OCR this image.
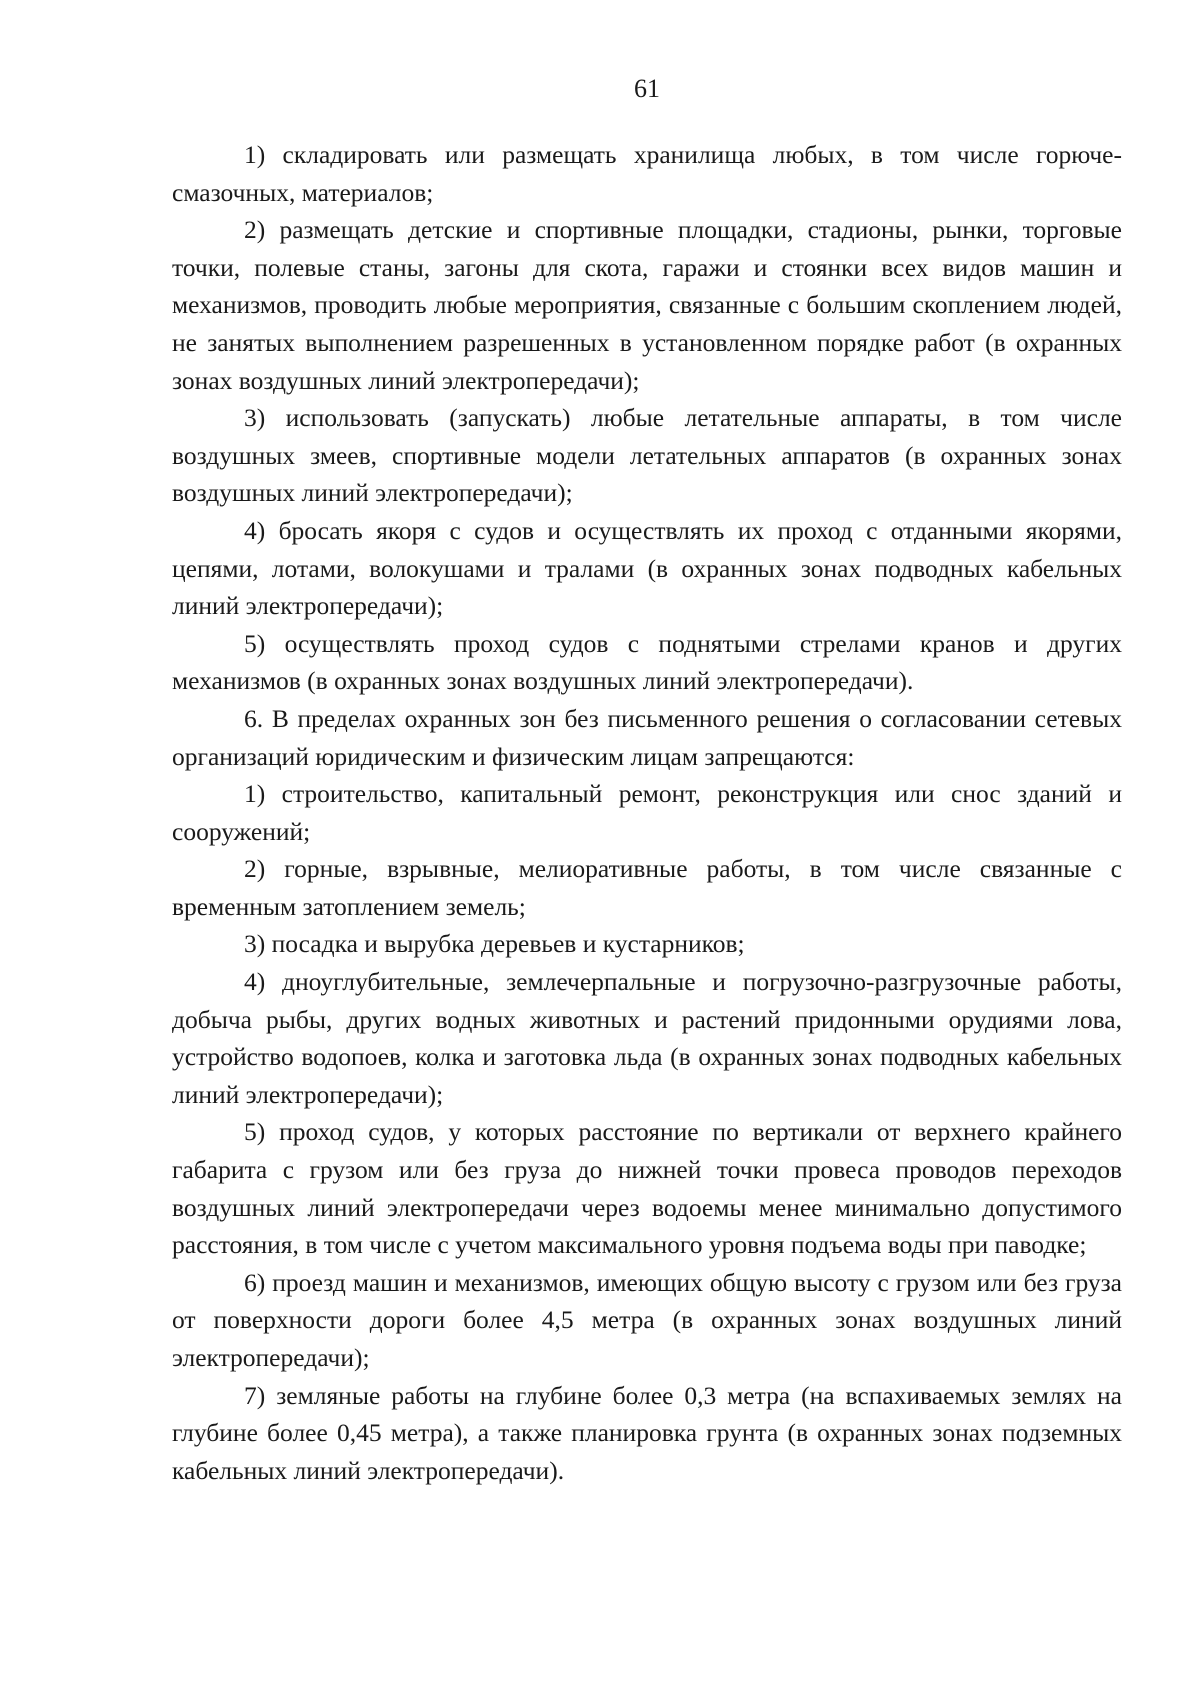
61

1) складировать или размещать хранилища любых, в том числе горюче-смазочных, материалов;

2) размещать детские и спортивные площадки, стадионы, рынки, торговые точки, полевые станы, загоны для скота, гаражи и стоянки всех видов машин и механизмов, проводить любые мероприятия, связанные с большим скоплением людей, не занятых выполнением разрешенных в установленном порядке работ (в охранных зонах воздушных линий электропередачи);

3) использовать (запускать) любые летательные аппараты, в том числе воздушных змеев, спортивные модели летательных аппаратов (в охранных зонах воздушных линий электропередачи);

4) бросать якоря с судов и осуществлять их проход с отданными якорями, цепями, лотами, волокушами и тралами (в охранных зонах подводных кабельных линий электропередачи);

5) осуществлять проход судов с поднятыми стрелами кранов и других механизмов (в охранных зонах воздушных линий электропередачи).

6. В пределах охранных зон без письменного решения о согласовании сетевых организаций юридическим и физическим лицам запрещаются:

1) строительство, капитальный ремонт, реконструкция или снос зданий и сооружений;

2) горные, взрывные, мелиоративные работы, в том числе связанные с временным затоплением земель;

3) посадка и вырубка деревьев и кустарников;

4) дноуглубительные, землечерпальные и погрузочно-разгрузочные работы, добыча рыбы, других водных животных и растений придонными орудиями лова, устройство водопоев, колка и заготовка льда (в охранных зонах подводных кабельных линий электропередачи);

5) проход судов, у которых расстояние по вертикали от верхнего крайнего габарита с грузом или без груза до нижней точки провеса проводов переходов воздушных линий электропередачи через водоемы менее минимально допустимого расстояния, в том числе с учетом максимального уровня подъема воды при паводке;

6) проезд машин и механизмов, имеющих общую высоту с грузом или без груза от поверхности дороги более 4,5 метра (в охранных зонах воздушных линий электропередачи);

7) земляные работы на глубине более 0,3 метра (на вспахиваемых землях на глубине более 0,45 метра), а также планировка грунта (в охранных зонах подземных кабельных линий электропередачи).
